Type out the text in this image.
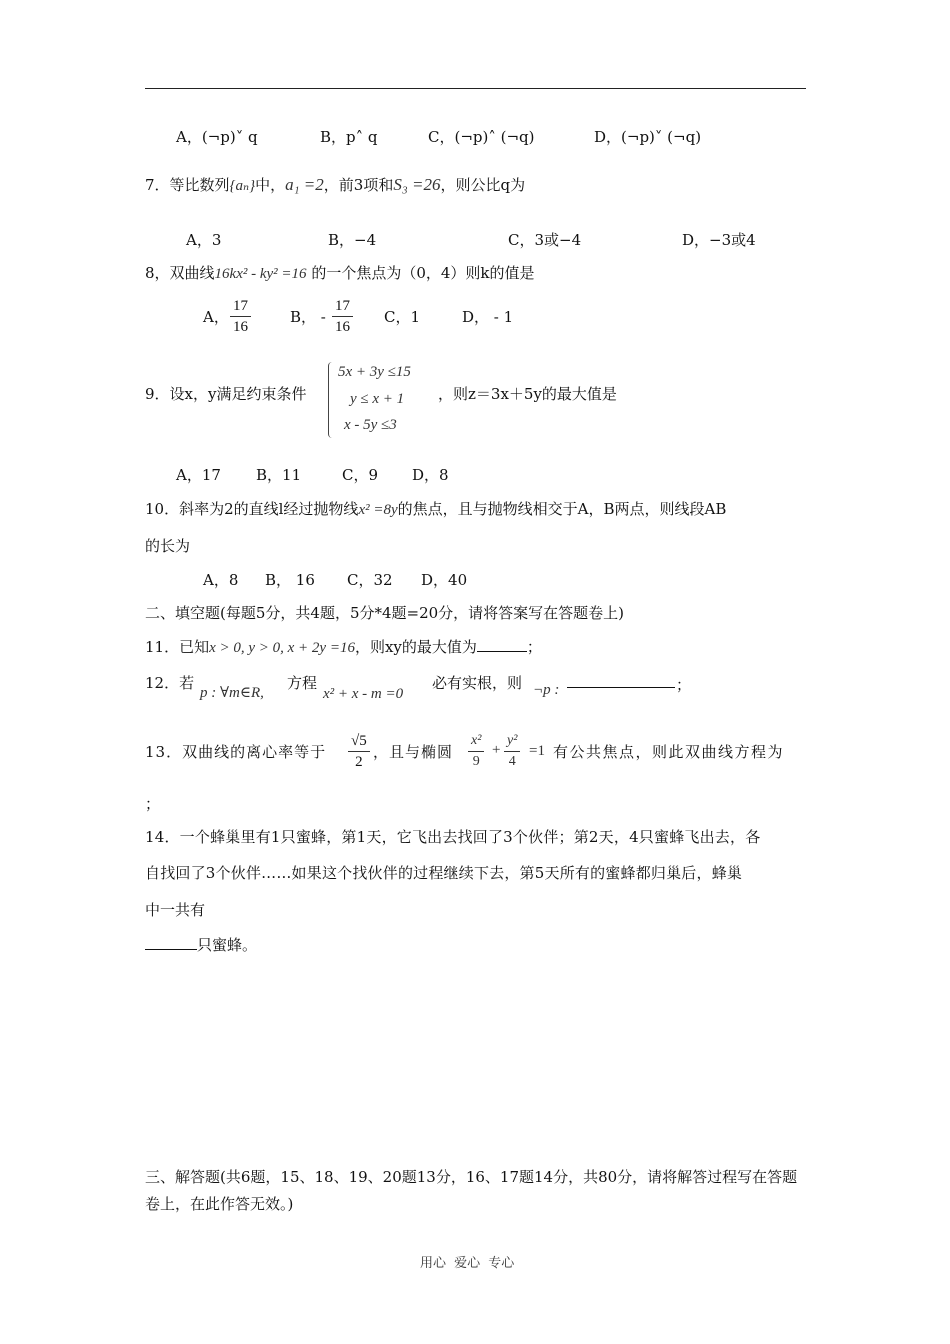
A，(¬p)˅ q	B，p˄ q	C，(¬p)˄ (¬q)	D，(¬p)˅ (¬q)
7．等比数列{aₙ}中，a₁ =2，前3项和S₃ =26，则公比q为
A，3	B，−4	C，3或−4	D，−3或4
8，双曲线16kx² - ky² =16 的一个焦点为（0，4）则k的值是
A， $\frac{17}{16}$	B， - $\frac{17}{16}$ C，1	D， - 1
9．设x，y满足约束条件
5x + 3y ≤15
y ≤ x + 1
x - 5y ≤3
，则z＝3x＋5y的最大值是
A，17 B，11	C，9 D，8
10．斜率为2的直线l经过抛物线x² =8y的焦点，且与抛物线相交于A，B两点，则线段AB
的长为
A，8 B， 16 C，32 D，40
二、填空题(每题5分，共4题，5分*4题=20分，请将答案写在答题卷上)
11．已知x > 0, y > 0, x + 2y =16，则xy的最大值为	；
12．若
p : ∀m∈R,
方程
x² + x - m =0
必有实根，则 ¬p :	；
13．双曲线的离心率等于 $\frac{√5}{2}$ ，且与椭圆 $\frac{\text{x²}}{9} + \frac{\text{y²}}{4} =1$ 有公共焦点，则此双曲线方程为
；
14．一个蜂巢里有1只蜜蜂，第1天，它飞出去找回了3个伙伴；第2天，4只蜜蜂飞出去，各
自找回了3个伙伴……如果这个找伙伴的过程继续下去，第5天所有的蜜蜂都归巢后，蜂巢
中一共有
只蜜蜂。
三、解答题(共6题，15、18、19、20题13分，16、17题14分，共80分，请将解答过程写在答题
卷上，在此作答无效。)
用心 爱心 专心
